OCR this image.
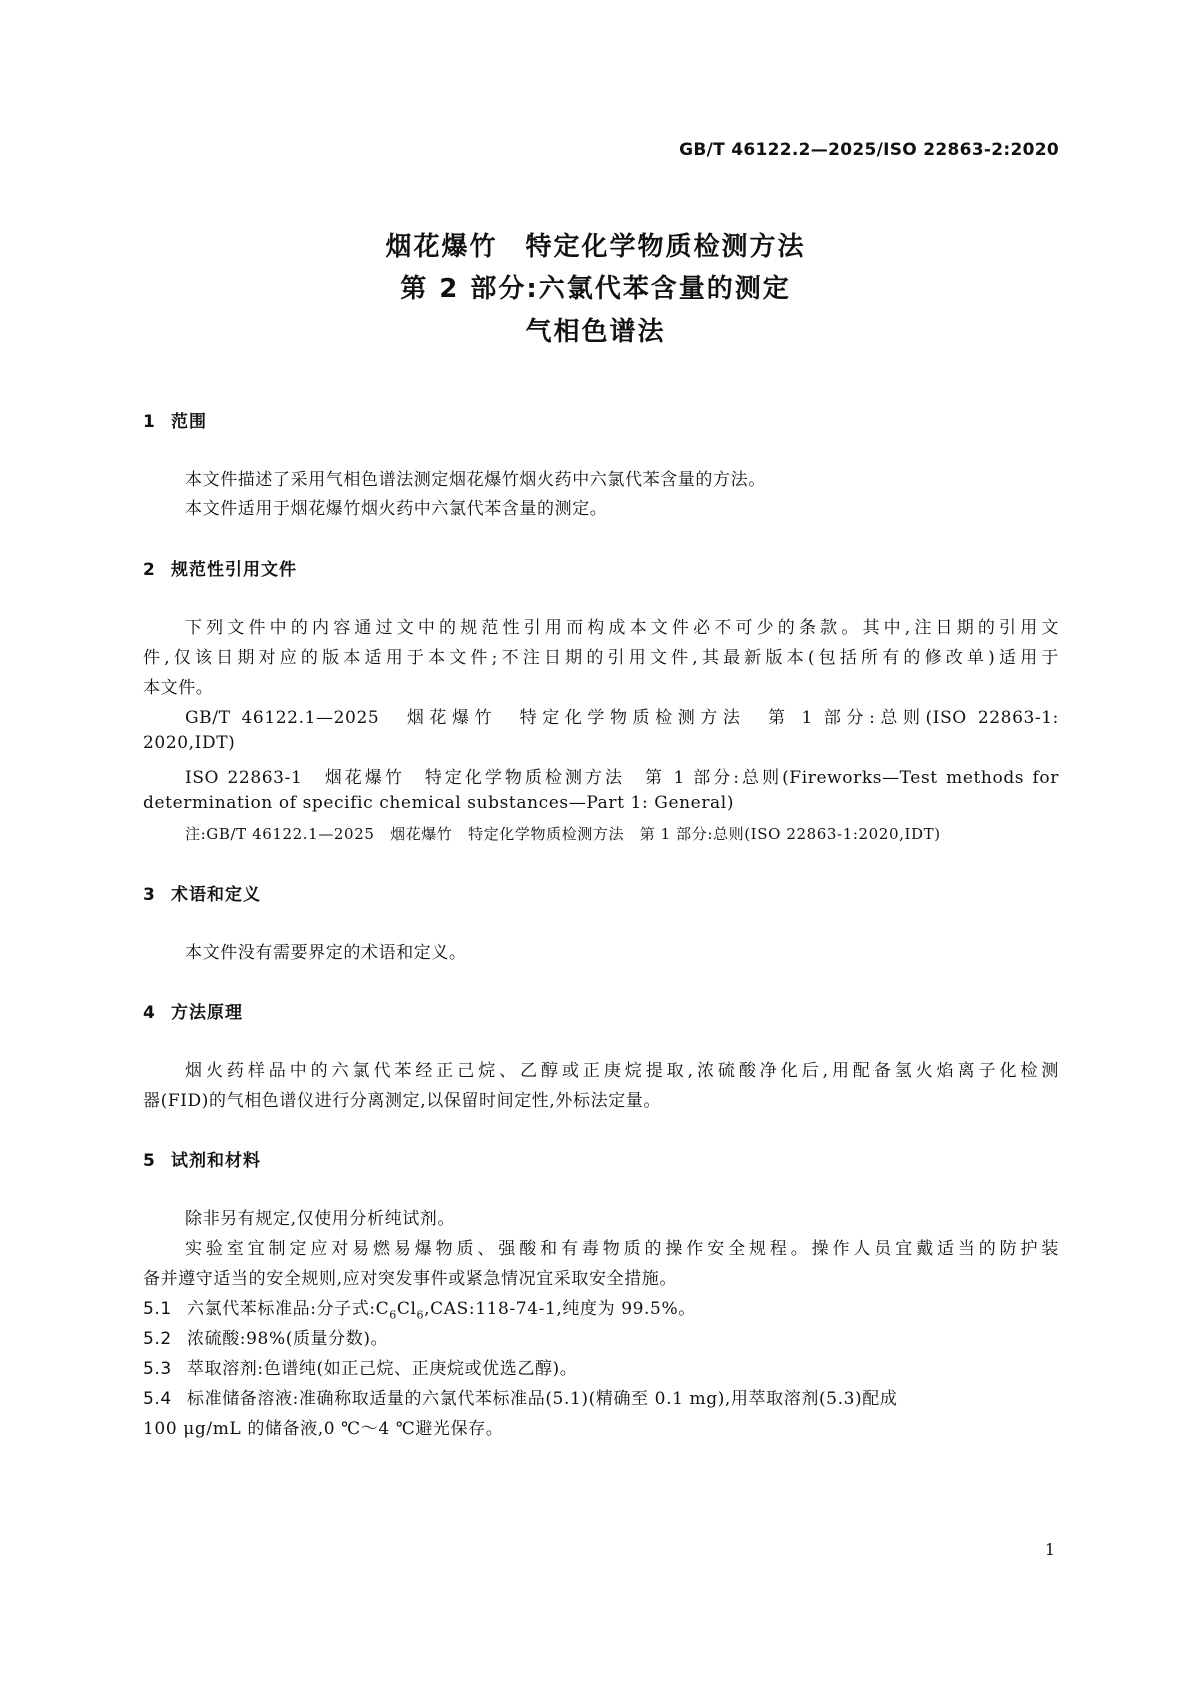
GB/T 46122.2—2025/ISO 22863-2:2020
烟花爆竹　特定化学物质检测方法
第 2 部分:六氯代苯含量的测定
气相色谱法
1 范围
本文件描述了采用气相色谱法测定烟花爆竹烟火药中六氯代苯含量的方法。
本文件适用于烟花爆竹烟火药中六氯代苯含量的测定。
2 规范性引用文件
下列文件中的内容通过文中的规范性引用而构成本文件必不可少的条款。其中,注日期的引用文
件,仅该日期对应的版本适用于本文件;不注日期的引用文件,其最新版本(包括所有的修改单)适用于
本文件。
GB/T 46122.1—2025　烟花爆竹　特定化学物质检测方法　第 1 部分:总则(ISO 22863-1:
2020,IDT)
ISO 22863-1　烟花爆竹　特定化学物质检测方法　第 1 部分:总则(Fireworks—Test methods for
determination of specific chemical substances—Part 1: General)
注:GB/T 46122.1—2025　烟花爆竹　特定化学物质检测方法　第 1 部分:总则(ISO 22863-1:2020,IDT)
3 术语和定义
本文件没有需要界定的术语和定义。
4 方法原理
烟火药样品中的六氯代苯经正己烷、乙醇或正庚烷提取,浓硫酸净化后,用配备氢火焰离子化检测
器(FID)的气相色谱仪进行分离测定,以保留时间定性,外标法定量。
5 试剂和材料
除非另有规定,仅使用分析纯试剂。
实验室宜制定应对易燃易爆物质、强酸和有毒物质的操作安全规程。操作人员宜戴适当的防护装
备并遵守适当的安全规则,应对突发事件或紧急情况宜采取安全措施。
5.1 六氯代苯标准品:分子式$:C_6Cl_6,CAS:118-74-1$,纯度为 99.5%。
5.2 浓硫酸:98%(质量分数)。
5.3 萃取溶剂:色谱纯(如正己烷、正庚烷或优选乙醇)。
5.4 标准储备溶液:准确称取适量的六氯代苯标准品(5.1)(精确至 0.1 mg),用萃取溶剂(5.3)配成
100 μg/mL 的储备液,0 ℃～4 ℃避光保存。
1
